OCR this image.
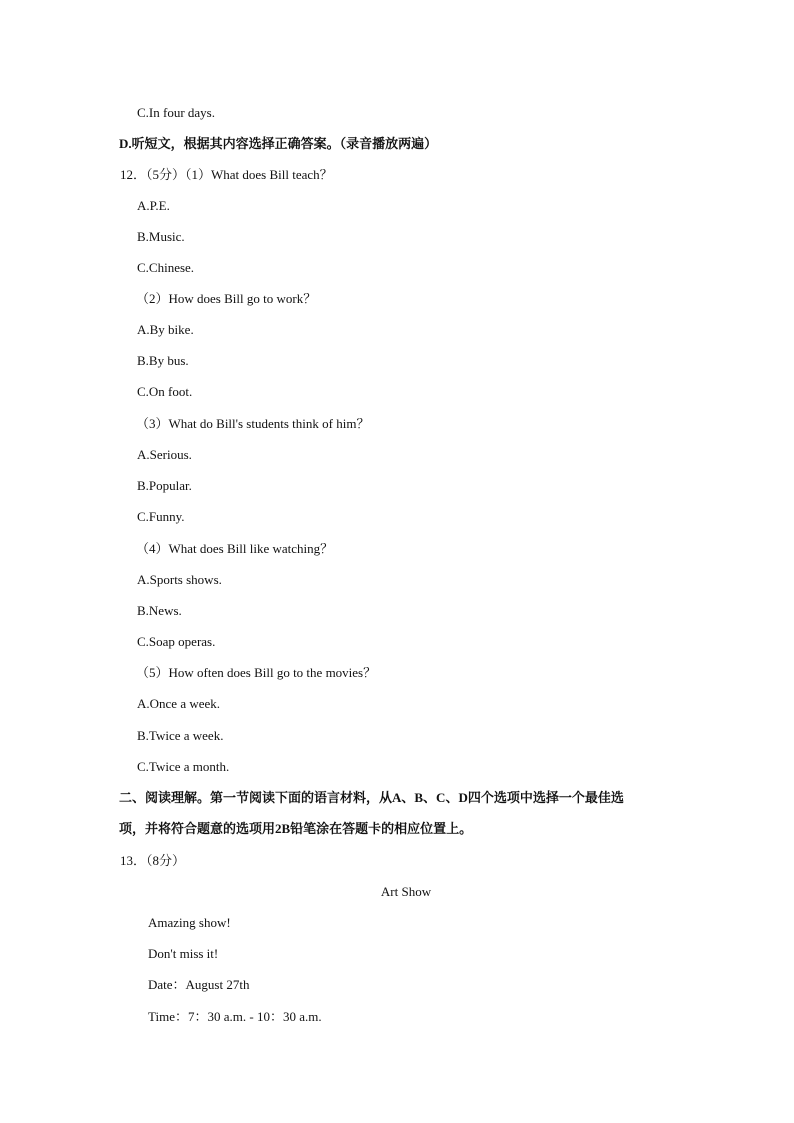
C.In four days.
D.听短文，根据其内容选择正确答案。（录音播放两遍）
12．（5分）（1）What does Bill teach？
A.P.E.
B.Music.
C.Chinese.
（2）How does Bill go to work？
A.By bike.
B.By bus.
C.On foot.
（3）What do Bill's students think of him？
A.Serious.
B.Popular.
C.Funny.
（4）What does Bill like watching？
A.Sports shows.
B.News.
C.Soap operas.
（5）How often does Bill go to the movies？
A.Once a week.
B.Twice a week.
C.Twice a month.
二、阅读理解。第一节阅读下面的语言材料，从A、B、C、D四个选项中选择一个最佳选
项，并将符合题意的选项用2B铅笔涂在答题卡的相应位置上。
13．（8分）
Art Show
Amazing show!
Don't miss it!
Date：August 27th
Time：7：30 a.m. - 10：30 a.m.
